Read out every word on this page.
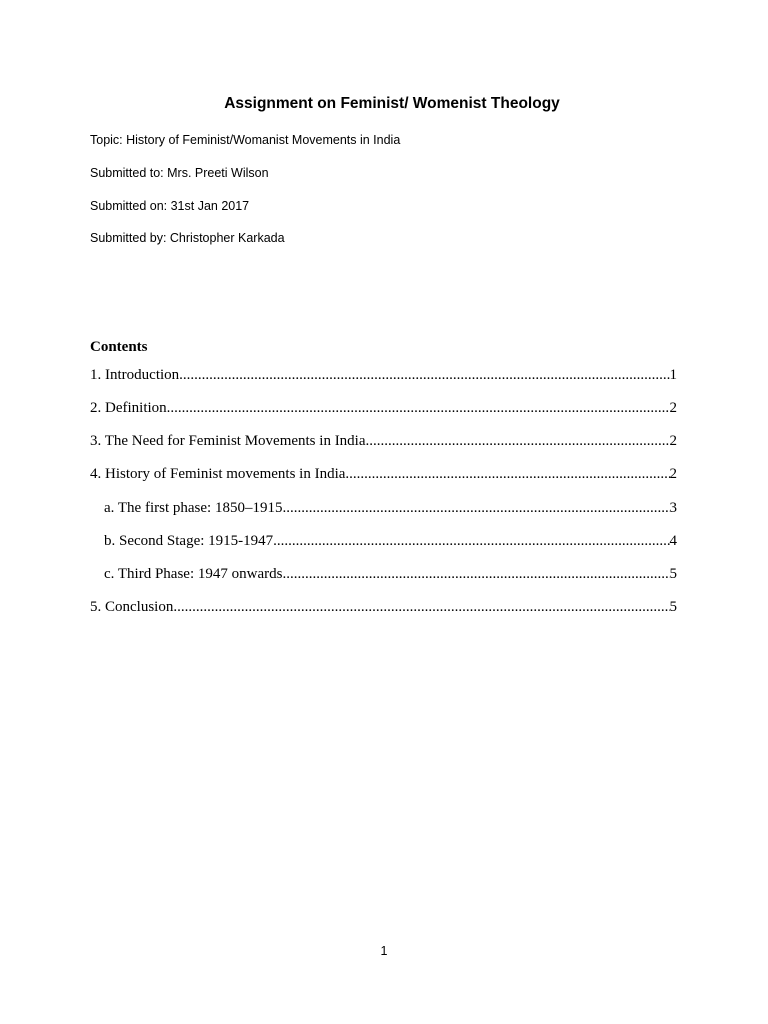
Assignment on Feminist/ Womenist Theology
Topic: History of Feminist/Womanist Movements in India
Submitted to: Mrs. Preeti Wilson
Submitted on: 31st Jan 2017
Submitted by: Christopher Karkada
Contents
1. Introduction .....	1
2. Definition .....	2
3. The Need for Feminist Movements in India .....	2
4. History of Feminist movements in India .....	2
a. The first phase: 1850–1915 .....	3
b. Second Stage: 1915-1947 .....	4
c. Third Phase: 1947 onwards .....	5
5. Conclusion .....	5
1
